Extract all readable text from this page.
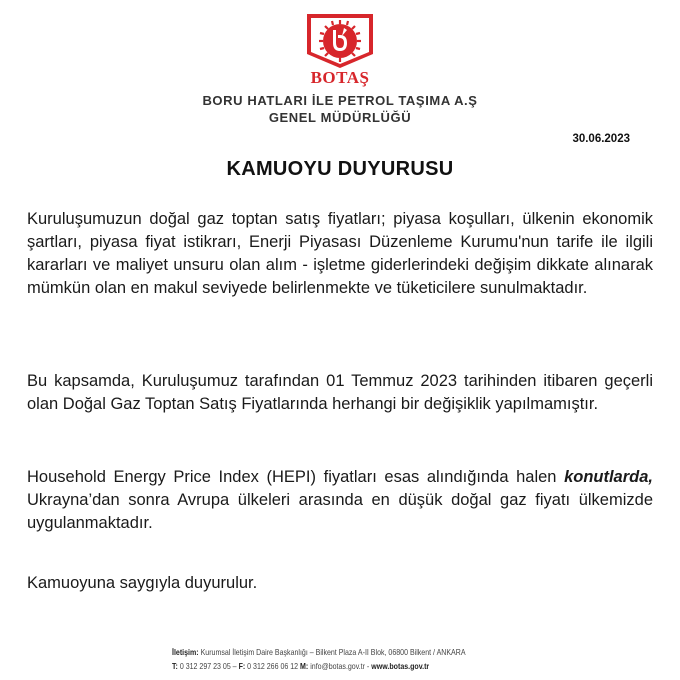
BOTAŞ
BORU HATLARI İLE PETROL TAŞIMA A.Ş
GENEL MÜDÜRLÜĞÜ
30.06.2023
KAMUOYU DUYURUSU

Kuruluşumuzun doğal gaz toptan satış fiyatları; piyasa koşulları, ülkenin ekonomik şartları, piyasa fiyat istikrarı, Enerji Piyasası Düzenleme Kurumu'nun tarife ile ilgili kararları ve maliyet unsuru olan alım - işletme giderlerindeki değişim dikkate alınarak mümkün olan en makul seviyede belirlenmekte ve tüketicilere sunulmaktadır.

Bu kapsamda, Kuruluşumuz tarafından 01 Temmuz 2023 tarihinden itibaren geçerli olan Doğal Gaz Toptan Satış Fiyatlarında herhangi bir değişiklik yapılmamıştır.

Household Energy Price Index (HEPI) fiyatları esas alındığında halen konutlarda, Ukrayna’dan sonra Avrupa ülkeleri arasında en düşük doğal gaz fiyatı ülkemizde uygulanmaktadır.

Kamuoyuna saygıyla duyurulur.

İletişim: Kurumsal İletişim Daire Başkanlığı – Bilkent Plaza A-II Blok, 06800 Bilkent / ANKARA
T: 0 312 297 23 05 – F: 0 312 266 06 12 M: info@botas.gov.tr - www.botas.gov.tr
